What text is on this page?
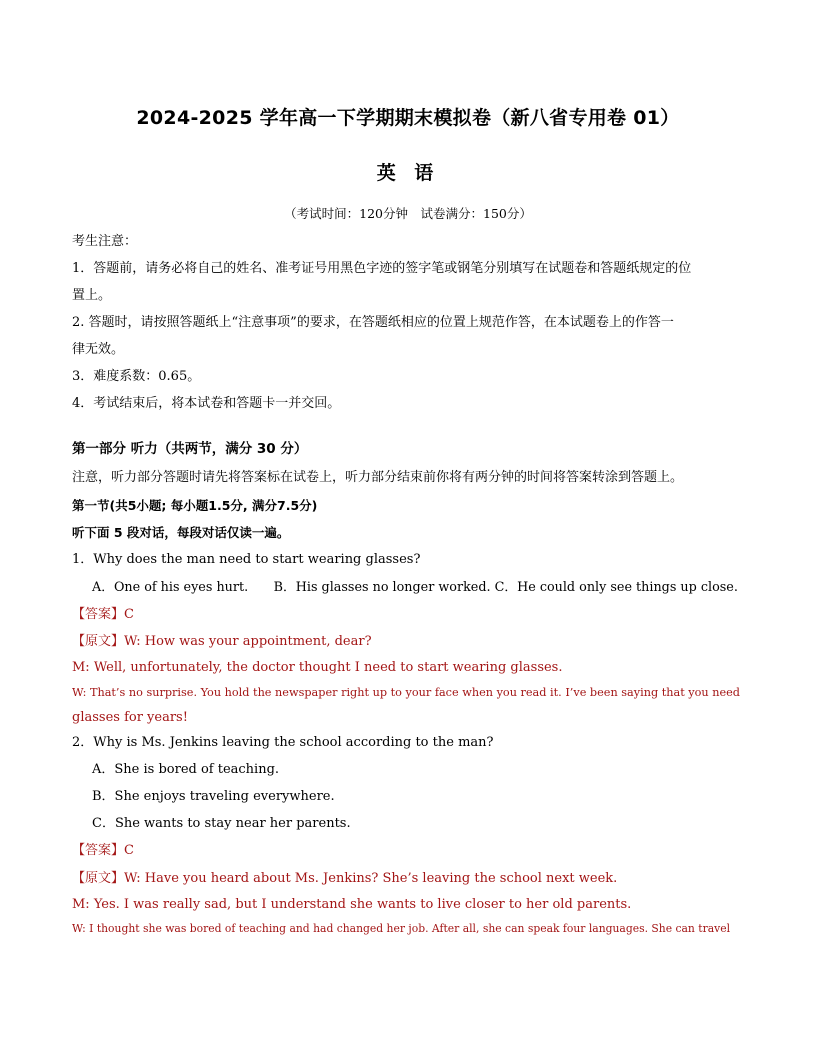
2024-2025 学年高一下学期期末模拟卷（新八省专用卷 01）
英 语
（考试时间：120分钟　试卷满分：150分）
考生注意：
1．答题前，请务必将自己的姓名、准考证号用黑色字迹的签字笔或钢笔分别填写在试题卷和答题纸规定的位
置上。
2. 答题时，请按照答题纸上“注意事项”的要求，在答题纸相应的位置上规范作答，在本试题卷上的作答一
律无效。
3．难度系数：0.65。
4．考试结束后，将本试卷和答题卡一并交回。
第一部分 听力（共两节，满分 30 分）
注意，听力部分答题时请先将答案标在试卷上，听力部分结束前你将有两分钟的时间将答案转涂到答题上。
第一节(共5小题; 每小题1.5分, 满分7.5分)
听下面 5 段对话，每段对话仅读一遍。
1．Why does the man need to start wearing glasses?
A．One of his eyes hurt.　　B．His glasses no longer worked. C．He could only see things up close.
【答案】C
【原文】W: How was your appointment, dear?
M: Well, unfortunately, the doctor thought I need to start wearing glasses.
W: That’s no surprise. You hold the newspaper right up to your face when you read it. I’ve been saying that you need
glasses for years!
2．Why is Ms. Jenkins leaving the school according to the man?
A．She is bored of teaching.
B．She enjoys traveling everywhere.
C．She wants to stay near her parents.
【答案】C
【原文】W: Have you heard about Ms. Jenkins? She’s leaving the school next week.
M: Yes. I was really sad, but I understand she wants to live closer to her old parents.
W: I thought she was bored of teaching and had changed her job. After all, she can speak four languages. She can travel
